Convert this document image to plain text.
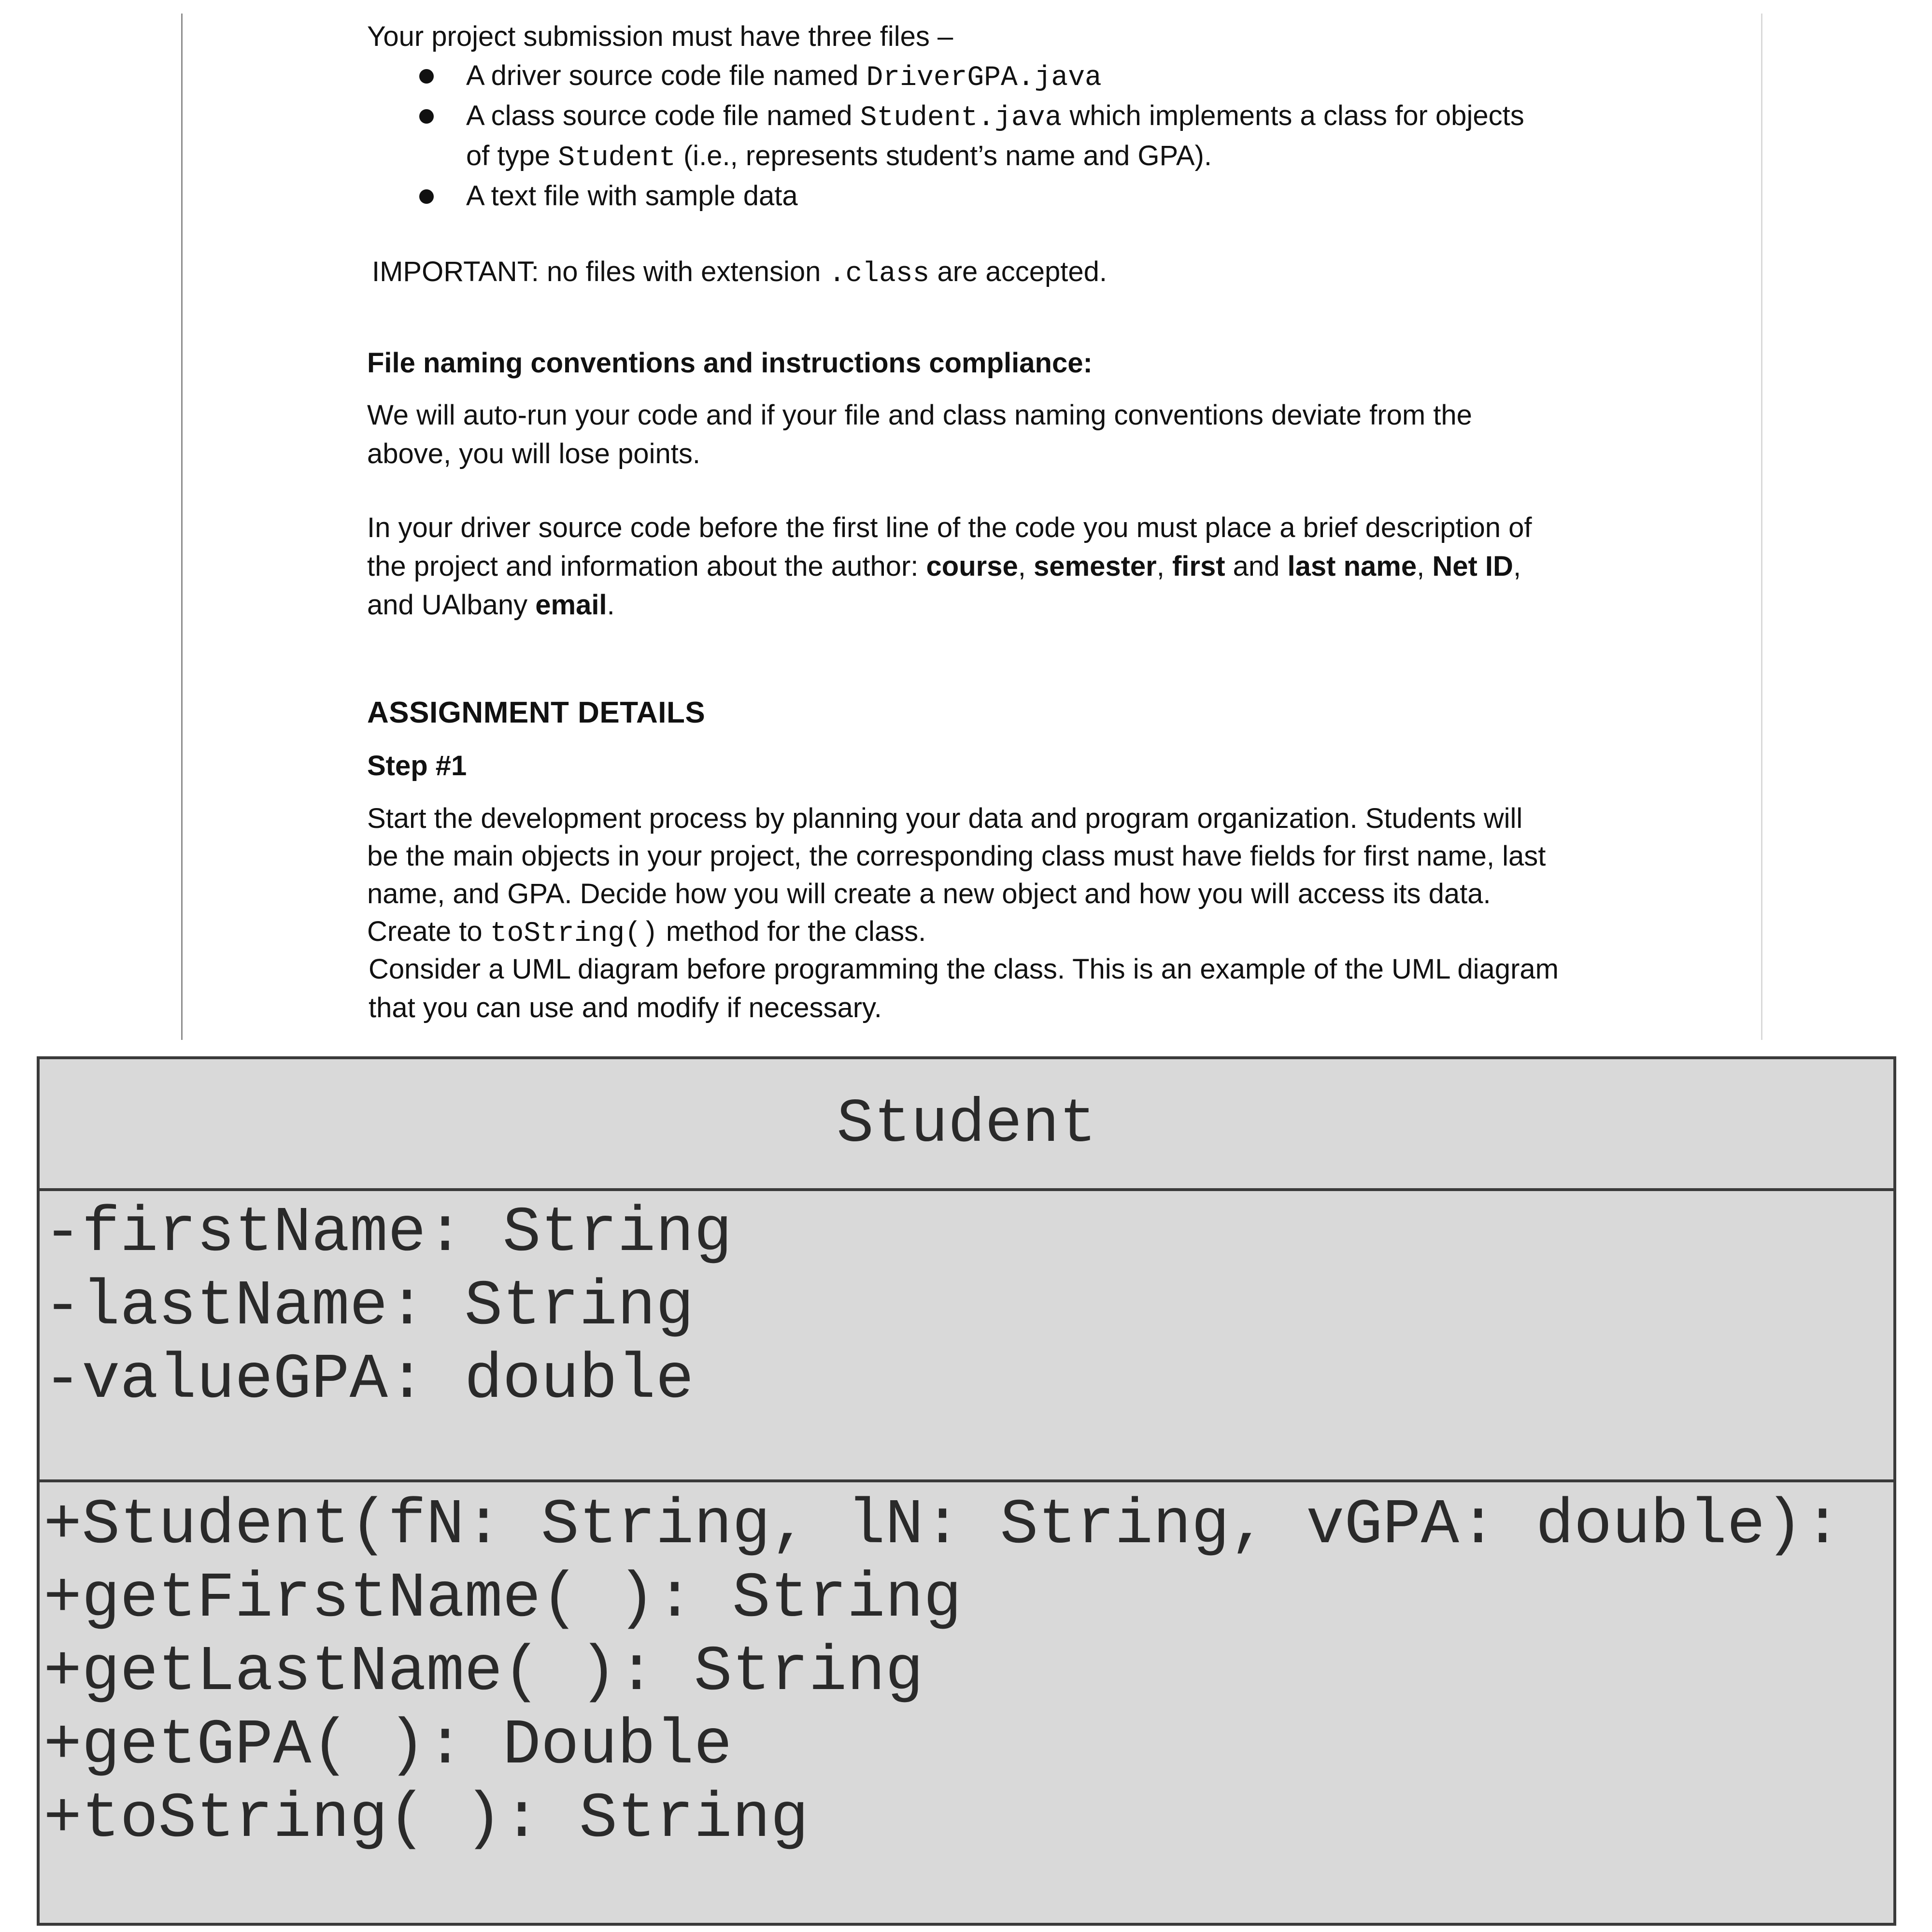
Your project submission must have three files –

A driver source code file named DriverGPA.java

A class source code file named Student.java which implements a class for objects

of type Student (i.e., represents student’s name and GPA).

A text file with sample data

IMPORTANT: no files with extension .class are accepted.

File naming conventions and instructions compliance:

We will auto-run your code and if your file and class naming conventions deviate from the

above, you will lose points.

In your driver source code before the first line of the code you must place a brief description of

the project and information about the author: course, semester, first and last name, Net ID,

and UAlbany email.

ASSIGNMENT DETAILS

Step #1

Start the development process by planning your data and program organization. Students will

be the main objects in your project, the corresponding class must have fields for first name, last

name, and GPA. Decide how you will create a new object and how you will access its data.

Create to toString() method for the class.

Consider a UML diagram before programming the class. This is an example of the UML diagram

that you can use and modify if necessary.

Student
-firstName: String
-lastName: String
-valueGPA: double
+Student(fN: String, lN: String, vGPA: double):
+getFirstName( ): String
+getLastName( ): String
+getGPA( ): Double
+toString( ): String
